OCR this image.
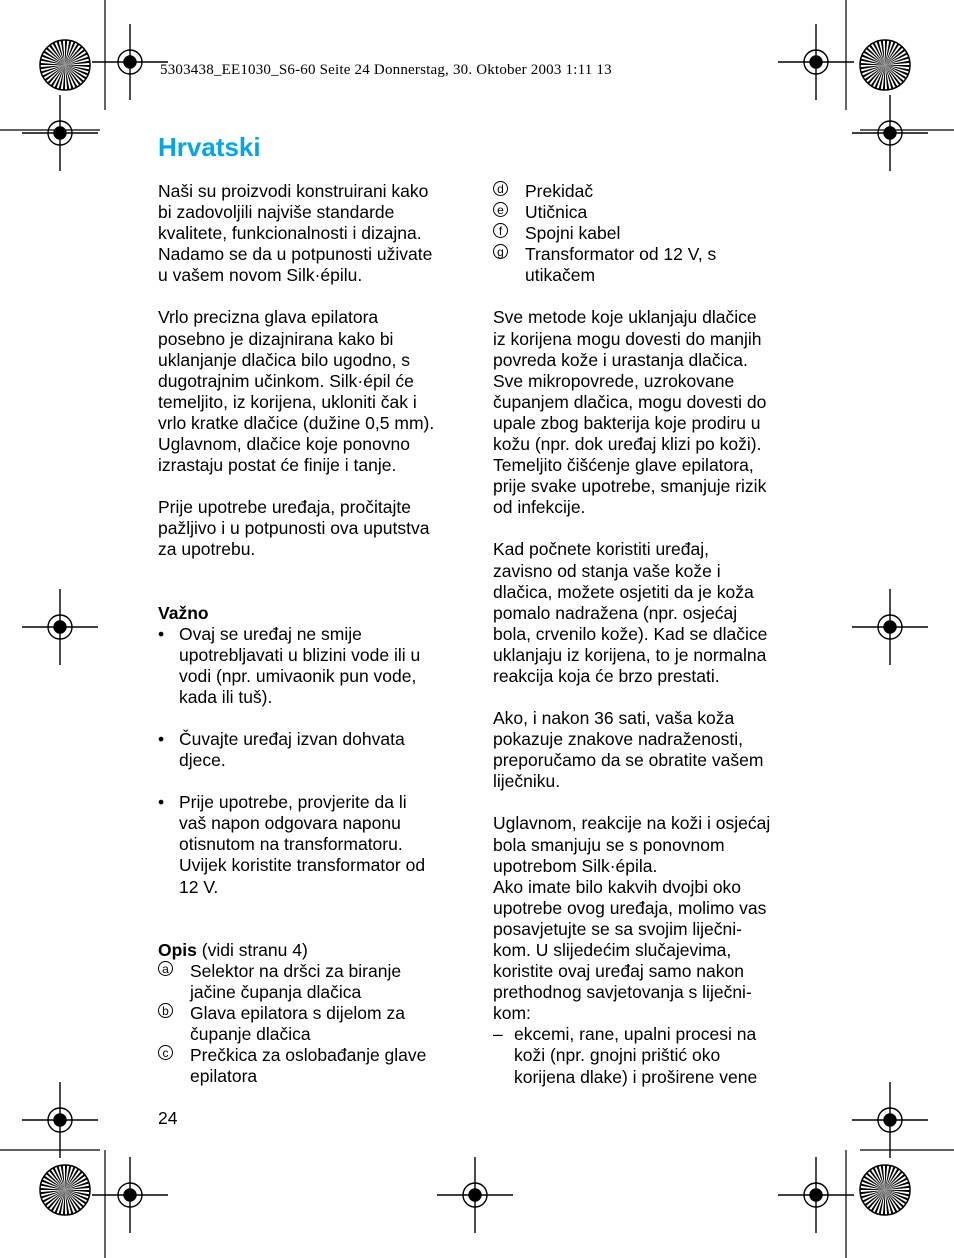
5303438_EE1030_S6-60 Seite 24 Donnerstag, 30. Oktober 2003 1:11 13
Hrvatski

Naši su proizvodi konstruirani kako

bi zadovoljili najviše standarde

kvalitete, funkcionalnosti i dizajna.

Nadamo se da u potpunosti uživate

u vašem novom Silk·épilu.

Vrlo precizna glava epilatora

posebno je dizajnirana kako bi

uklanjanje dlačica bilo ugodno, s

dugotrajnim učinkom. Silk·épil će

temeljito, iz korijena, ukloniti čak i

vrlo kratke dlačice (dužine 0,5 mm).

Uglavnom, dlačice koje ponovno

izrastaju postat će finije i tanje.

Prije upotrebe uređaja, pročitajte

pažljivo i u potpunosti ova uputstva

za upotrebu.

Važno

• Ovaj se uređaj ne smije

upotrebljavati u blizini vode ili u

vodi (npr. umivaonik pun vode,

kada ili tuš).

• Čuvajte uređaj izvan dohvata

djece.

• Prije upotrebe, provjerite da li

vaš napon odgovara naponu

otisnutom na transformatoru.

Uvijek koristite transformator od

12 V.

Opis (vidi stranu 4)

a Selektor na dršci za biranje

jačine čupanja dlačica

b Glava epilatora s dijelom za

čupanje dlačica

c Prečkica za oslobađanje glave

epilatora

d Prekidač

e Utičnica

f	Spojni kabel

g Transformator od 12 V, s

utikačem

Sve metode koje uklanjaju dlačice

iz korijena mogu dovesti do manjih

povreda kože i urastanja dlačica.

Sve mikropovrede, uzrokovane

čupanjem dlačica, mogu dovesti do

upale zbog bakterija koje prodiru u

kožu (npr. dok uređaj klizi po koži).

Temeljito čišćenje glave epilatora,

prije svake upotrebe, smanjuje rizik

od infekcije.

Kad počnete koristiti uređaj,

zavisno od stanja vaše kože i

dlačica, možete osjetiti da je koža

pomalo nadražena (npr. osjećaj

bola, crvenilo kože). Kad se dlačice

uklanjaju iz korijena, to je normalna

reakcija koja će brzo prestati.

Ako, i nakon 36 sati, vaša koža

pokazuje znakove nadraženosti,

preporučamo da se obratite vašem

liječniku.

Uglavnom, reakcije na koži i osjećaj

bola smanjuju se s ponovnom

upotrebom Silk·épila.

Ako imate bilo kakvih dvojbi oko

upotrebe ovog uređaja, molimo vas

posavjetujte se sa svojim liječni-

kom. U slijedećim slučajevima,

koristite ovaj uređaj samo nakon

prethodnog savjetovanja s liječni-

kom:

– ekcemi, rane, upalni procesi na

koži (npr. gnojni prištić oko

korijena dlake) i proširene vene

24
